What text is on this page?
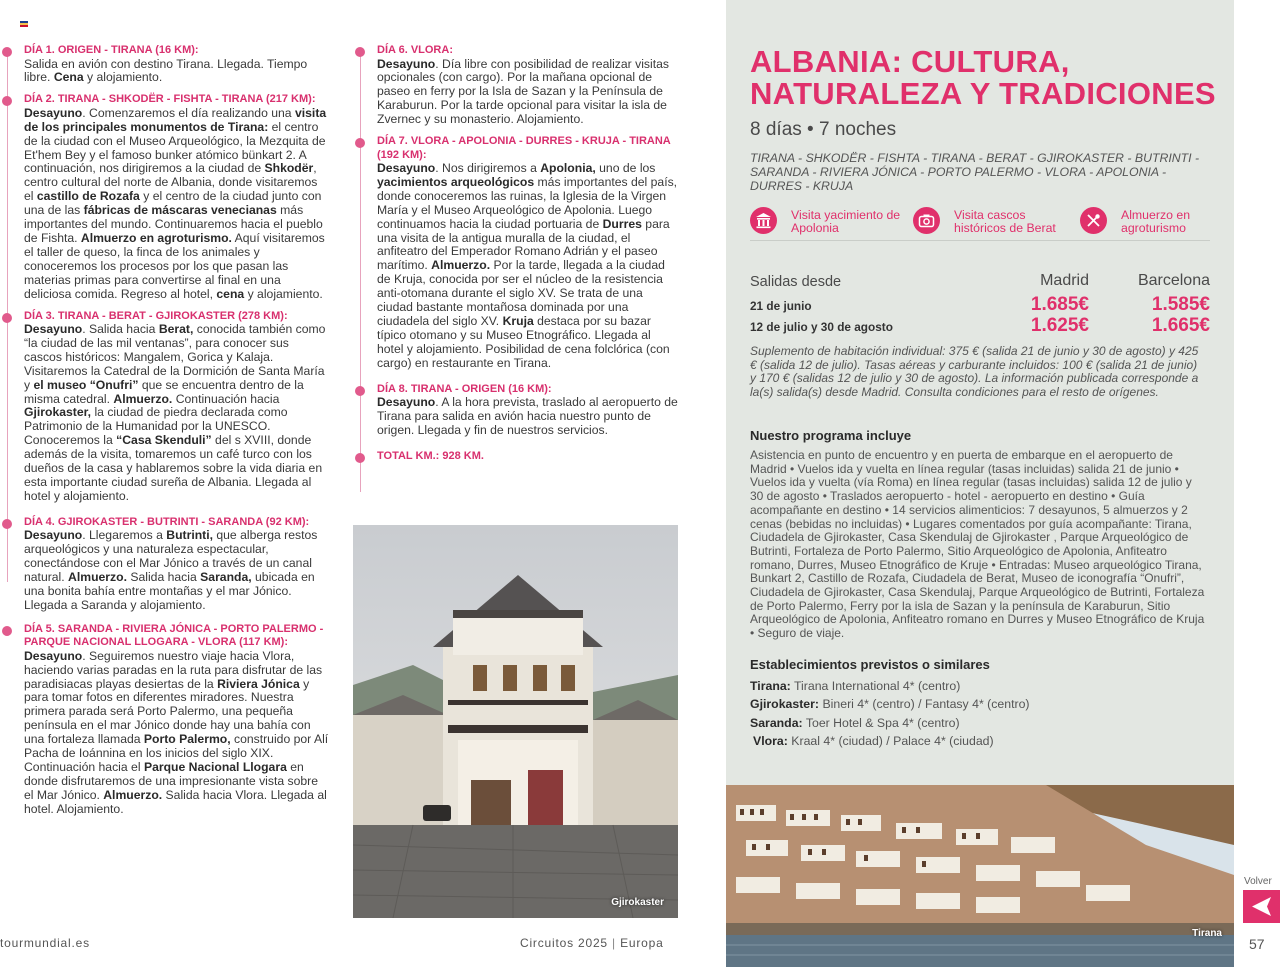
DÍA 1. ORIGEN - TIRANA (16 KM):
Salida en avión con destino Tirana. Llegada. Tiempo libre. Cena y alojamiento.
DÍA 2. TIRANA - SHKODËR - FISHTA - TIRANA (217 KM):
Desayuno. Comenzaremos el día realizando una visita de los principales monumentos de Tirana: el centro de la ciudad con el Museo Arqueológico, la Mezquita de Et'hem Bey y el famoso bunker atómico bünkart 2. A continuación, nos dirigiremos a la ciudad de Shkodër, centro cultural del norte de Albania, donde visitaremos el castillo de Rozafa y el centro de la ciudad junto con una de las fábricas de máscaras venecianas más importantes del mundo. Continuaremos hacia el pueblo de Fishta. Almuerzo en agroturismo. Aquí visitaremos el taller de queso, la finca de los animales y conoceremos los procesos por los que pasan las materias primas para convertirse al final en una deliciosa comida. Regreso al hotel, cena y alojamiento.
DÍA 3. TIRANA - BERAT - GJIROKASTER (278 KM):
Desayuno. Salida hacia Berat, conocida también como “la ciudad de las mil ventanas”, para conocer sus cascos históricos: Mangalem, Gorica y Kalaja. Visitaremos la Catedral de la Dormición de Santa María y el museo “Onufri” que se encuentra dentro de la misma catedral. Almuerzo. Continuación hacia Gjirokaster, la ciudad de piedra declarada como Patrimonio de la Humanidad por la UNESCO. Conoceremos la “Casa Skenduli” del s XVIII, donde además de la visita, tomaremos un café turco con los dueños de la casa y hablaremos sobre la vida diaria en esta importante ciudad sureña de Albania. Llegada al hotel y alojamiento.
DÍA 4. GJIROKASTER - BUTRINTI - SARANDA (92 KM):
Desayuno. Llegaremos a Butrinti, que alberga restos arqueológicos y una naturaleza espectacular, conectándose con el Mar Jónico a través de un canal natural. Almuerzo. Salida hacia Saranda, ubicada en una bonita bahía entre montañas y el mar Jónico. Llegada a Saranda y alojamiento.
DÍA 5. SARANDA - RIVIERA JÓNICA - PORTO PALERMO - PARQUE NACIONAL LLOGARA - VLORA (117 KM):
Desayuno. Seguiremos nuestro viaje hacia Vlora, haciendo varias paradas en la ruta para disfrutar de las paradisiacas playas desiertas de la Riviera Jónica y para tomar fotos en diferentes miradores. Nuestra primera parada será Porto Palermo, una pequeña península en el mar Jónico donde hay una bahía con una fortaleza llamada Porto Palermo, construido por Alí Pacha de Ioánnina en los inicios del siglo XIX. Continuación hacia el Parque Nacional Llogara en donde disfrutaremos de una impresionante vista sobre el Mar Jónico. Almuerzo. Salida hacia Vlora. Llegada al hotel. Alojamiento.
DÍA 6. VLORA:
Desayuno. Día libre con posibilidad de realizar visitas opcionales (con cargo). Por la mañana opcional de paseo en ferry por la Isla de Sazan y la Península de Karaburun. Por la tarde opcional para visitar la isla de Zvernec y su monasterio. Alojamiento.
DÍA 7. VLORA - APOLONIA - DURRES - KRUJA - TIRANA (192 KM):
Desayuno. Nos dirigiremos a Apolonia, uno de los yacimientos arqueológicos más importantes del país, donde conoceremos las ruinas, la Iglesia de la Virgen María y el Museo Arqueológico de Apolonia. Luego continuamos hacia la ciudad portuaria de Durres para una visita de la antigua muralla de la ciudad, el anfiteatro del Emperador Romano Adrián y el paseo marítimo. Almuerzo. Por la tarde, llegada a la ciudad de Kruja, conocida por ser el núcleo de la resistencia anti-otomana durante el siglo XV. Se trata de una ciudad bastante montañosa dominada por una ciudadela del siglo XV. Kruja destaca por su bazar típico otomano y su Museo Etnográfico. Llegada al hotel y alojamiento. Posibilidad de cena folclórica (con cargo) en restaurante en Tirana.
DÍA 8. TIRANA - ORIGEN (16 KM):
Desayuno. A la hora prevista, traslado al aeropuerto de Tirana para salida en avión hacia nuestro punto de origen. Llegada y fin de nuestros servicios.
TOTAL KM.: 928 KM.
Gjirokaster
tourmundial.es	Circuitos 2025 | Europa
ALBANIA: CULTURA, NATURALEZA Y TRADICIONES
8 días • 7 noches
TIRANA - SHKODËR - FISHTA - TIRANA - BERAT - GJIROKASTER - BUTRINTI - SARANDA - RIVIERA JÓNICA - PORTO PALERMO - VLORA - APOLONIA - DURRES - KRUJA
Visita yacimiento de Apolonia
Visita cascos históricos de Berat
Almuerzo en agroturismo
Salidas desde	Madrid	Barcelona
21 de junio	1.685€	1.585€
12 de julio y 30 de agosto	1.625€	1.665€
Suplemento de habitación individual: 375 € (salida 21 de junio y 30 de agosto) y 425 € (salida 12 de julio). Tasas aéreas y carburante incluidos: 100 € (salida 21 de junio) y 170 € (salidas 12 de julio y 30 de agosto). La información publicada corresponde a la(s) salida(s) desde Madrid. Consulta condiciones para el resto de orígenes.
Nuestro programa incluye
Asistencia en punto de encuentro y en puerta de embarque en el aeropuerto de Madrid • Vuelos ida y vuelta en línea regular (tasas incluidas) salida 21 de junio • Vuelos ida y vuelta (vía Roma) en línea regular (tasas incluidas) salida 12 de julio y 30 de agosto • Traslados aeropuerto - hotel - aeropuerto en destino • Guía acompañante en destino • 14 servicios alimenticios: 7 desayunos, 5 almuerzos y 2 cenas (bebidas no incluidas) • Lugares comentados por guía acompañante: Tirana, Ciudadela de Gjirokaster, Casa Skendulaj de Gjirokaster , Parque Arqueológico de Butrinti, Fortaleza de Porto Palermo, Sitio Arqueológico de Apolonia, Anfiteatro romano, Durres, Museo Etnográfico de Kruje • Entradas: Museo arqueológico Tirana, Bunkart 2, Castillo de Rozafa, Ciudadela de Berat, Museo de iconografía “Onufri”, Ciudadela de Gjirokaster, Casa Skendulaj, Parque Arqueológico de Butrinti, Fortaleza de Porto Palermo, Ferry por la isla de Sazan y la península de Karaburun, Sitio Arqueológico de Apolonia, Anfiteatro romano en Durres y Museo Etnográfico de Kruja • Seguro de viaje.
Establecimientos previstos o similares
Tirana: Tirana International 4* (centro)
Gjirokaster: Bineri 4* (centro) / Fantasy 4* (centro)
Saranda: Toer Hotel & Spa 4* (centro)
Vlora: Kraal 4* (ciudad) / Palace 4* (ciudad)
Tirana
Volver
57
